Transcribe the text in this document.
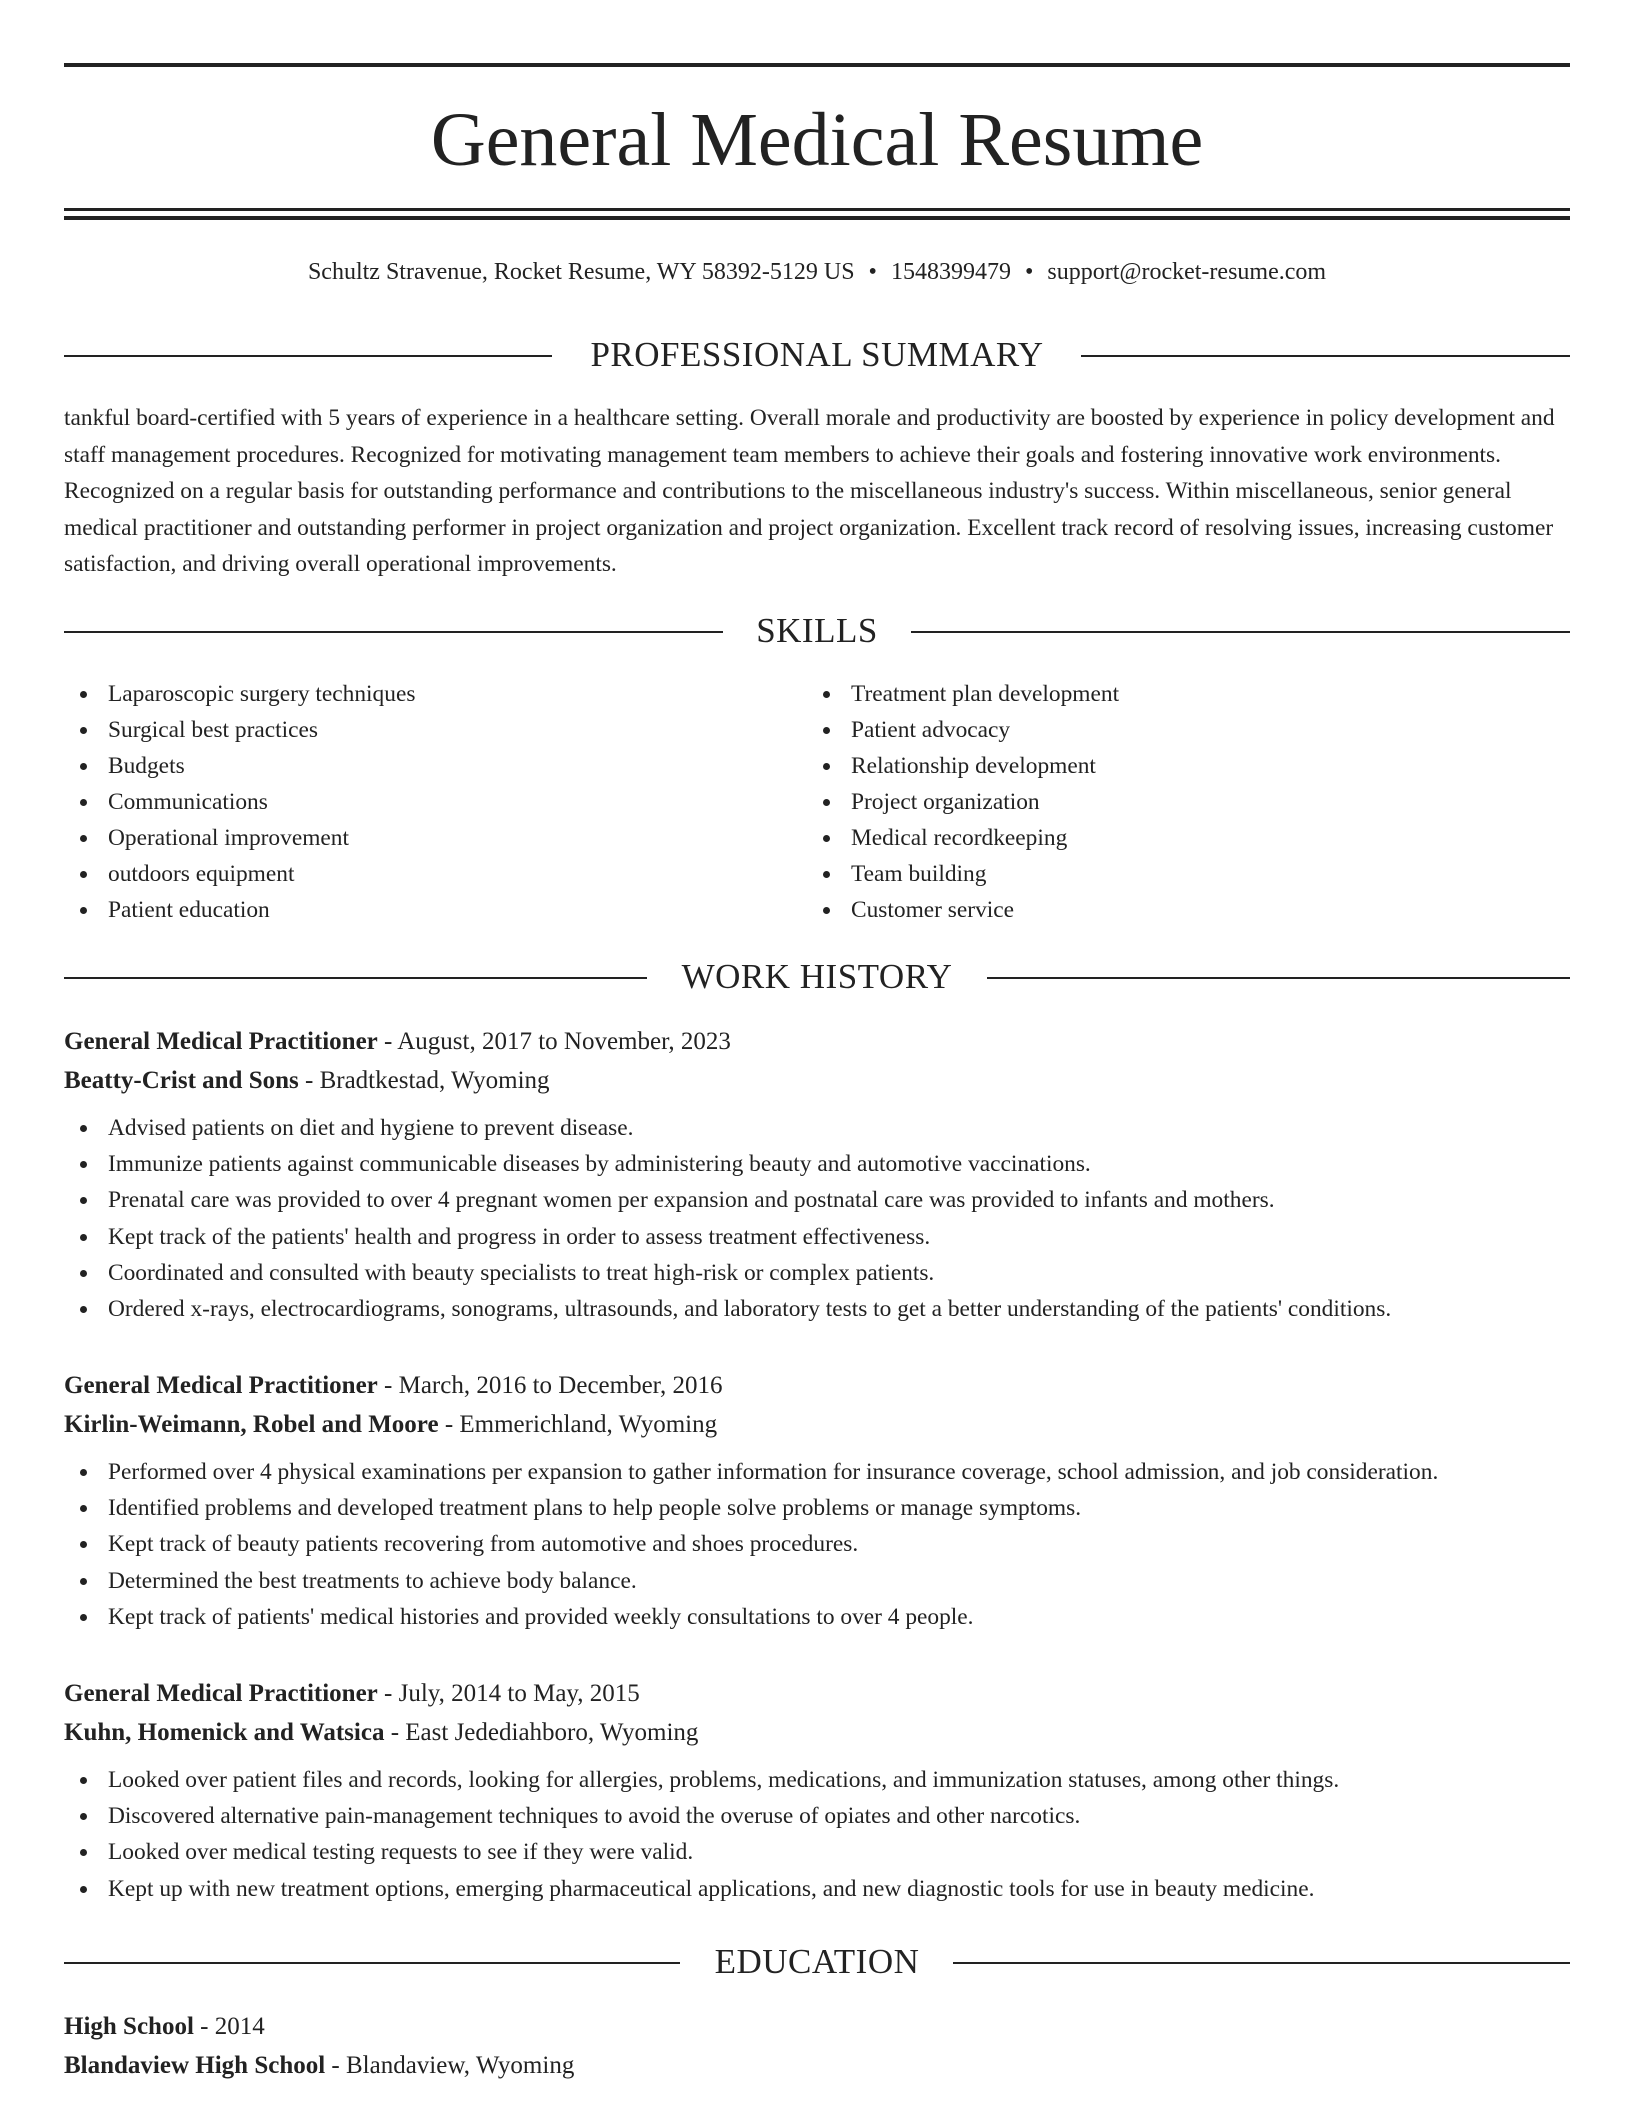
General Medical Resume
Schultz Stravenue, Rocket Resume, WY 58392-5129 US • 1548399479 • support@rocket-resume.com
PROFESSIONAL SUMMARY

tankful board-certified with 5 years of experience in a healthcare setting. Overall morale and productivity are boosted by experience in policy development and staff management procedures. Recognized for motivating management team members to achieve their goals and fostering innovative work environments. Recognized on a regular basis for outstanding performance and contributions to the miscellaneous industry's success. Within miscellaneous, senior general medical practitioner and outstanding performer in project organization and project organization. Excellent track record of resolving issues, increasing customer satisfaction, and driving overall operational improvements.

SKILLS
Laparoscopic surgery techniques
Surgical best practices
Budgets
Communications
Operational improvement
outdoors equipment
Patient education
Treatment plan development
Patient advocacy
Relationship development
Project organization
Medical recordkeeping
Team building
Customer service
WORK HISTORY
General Medical Practitioner - August, 2017 to November, 2023
Beatty-Crist and Sons - Bradtkestad, Wyoming
Advised patients on diet and hygiene to prevent disease.
Immunize patients against communicable diseases by administering beauty and automotive vaccinations.
Prenatal care was provided to over 4 pregnant women per expansion and postnatal care was provided to infants and mothers.
Kept track of the patients' health and progress in order to assess treatment effectiveness.
Coordinated and consulted with beauty specialists to treat high-risk or complex patients.
Ordered x-rays, electrocardiograms, sonograms, ultrasounds, and laboratory tests to get a better understanding of the patients' conditions.
General Medical Practitioner - March, 2016 to December, 2016
Kirlin-Weimann, Robel and Moore - Emmerichland, Wyoming
Performed over 4 physical examinations per expansion to gather information for insurance coverage, school admission, and job consideration.
Identified problems and developed treatment plans to help people solve problems or manage symptoms.
Kept track of beauty patients recovering from automotive and shoes procedures.
Determined the best treatments to achieve body balance.
Kept track of patients' medical histories and provided weekly consultations to over 4 people.
General Medical Practitioner - July, 2014 to May, 2015
Kuhn, Homenick and Watsica - East Jedediahboro, Wyoming
Looked over patient files and records, looking for allergies, problems, medications, and immunization statuses, among other things.
Discovered alternative pain-management techniques to avoid the overuse of opiates and other narcotics.
Looked over medical testing requests to see if they were valid.
Kept up with new treatment options, emerging pharmaceutical applications, and new diagnostic tools for use in beauty medicine.
EDUCATION
High School - 2014
Blandaview High School - Blandaview, Wyoming
